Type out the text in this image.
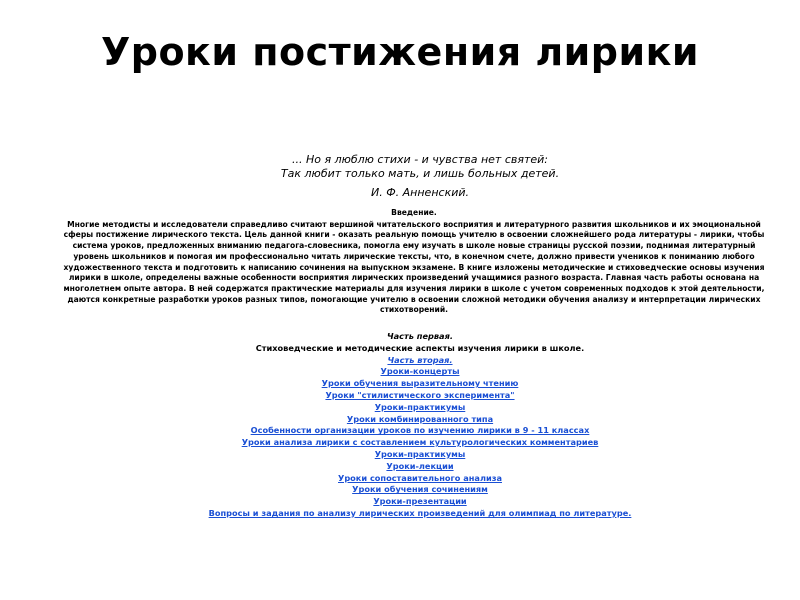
Уроки постижения лирики
... Но я люблю стихи - и чувства нет святей:
Так любит только мать, и лишь больных детей.
И. Ф. Анненский.
Введение.
Многие методисты и исследователи справедливо считают вершиной читательского восприятия и литературного развития школьников и их эмоциональной сферы постижение лирического текста. Цель данной книги - оказать реальную помощь учителю в освоении сложнейшего рода литературы - лирики, чтобы система уроков, предложенных вниманию педагога-словесника, помогла ему изучать в школе новые страницы русской поэзии, поднимая литературный уровень школьников и помогая им профессионально читать лирические тексты, что, в конечном счете, должно привести учеников к пониманию любого художественного текста и подготовить к написанию сочинения на выпускном экзамене. В книге изложены методические и стиховедческие основы изучения лирики в школе, определены важные особенности восприятия лирических произведений учащимися разного возраста. Главная часть работы основана на многолетнем опыте автора. В ней содержатся практические материалы для изучения лирики в школе с учетом современных подходов к этой деятельности, даются конкретные разработки уроков разных типов, помогающие учителю в освоении сложной методики обучения анализу и интерпретации лирических стихотворений.
Часть первая.
Стиховедческие и методические аспекты изучения лирики в школе.
Часть вторая.
Уроки-концерты
Уроки обучения выразительному чтению
Уроки "стилистического эксперимента"
Уроки-практикумы
Уроки комбинированного типа
Особенности организации уроков по изучению лирики в 9 - 11 классах
Уроки анализа лирики с составлением культурологических комментариев
Уроки-практикумы
Уроки-лекции
Уроки сопоставительного анализа
Уроки обучения сочинениям
Уроки-презентации
Вопросы и задания по анализу лирических произведений для олимпиад по литературе.
